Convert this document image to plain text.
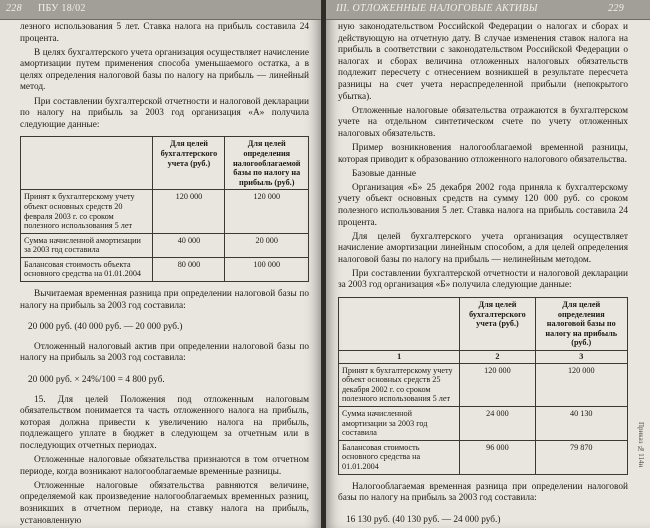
228 ПБУ 18/02

лезного использования 5 лет. Ставка налога на прибыль составила 24 процента.

В целях бухгалтерского учета организация осуществляет начисление амортизации путем применения способа уменьшаемого остатка, а в целях определения налоговой базы по налогу на прибыль — линейный метод.

При составлении бухгалтерской отчетности и налоговой декларации по налогу на прибыль за 2003 год организация «А» получила следующие данные:

	Для целей бухгалтерского учета (руб.)	Для целей определения налогооблагаемой базы по налогу на прибыль (руб.)
Принят к бухгалтерскому учету объект основных средств 20 февраля 2003 г. со сроком полезного использования 5 лет	120 000	120 000
Сумма начисленной амортизации за 2003 год составила	40 000	20 000
Балансовая стоимость объекта основного средства на 01.01.2004	80 000	100 000

Вычитаемая временная разница при определении налоговой базы по налогу на прибыль за 2003 год составила:

20 000 руб. (40 000 руб. — 20 000 руб.)

Отложенный налоговый актив при определении налоговой базы по налогу на прибыль за 2003 год составила:

20 000 руб. × 24%/100 = 4 800 руб.

15. Для целей Положения под отложенным налоговым обязательством понимается та часть отложенного налога на прибыль, которая должна привести к увеличению налога на прибыль, подлежащего уплате в бюджет в следующем за отчетным или в последующих отчетных периодах.

Отложенные налоговые обязательства признаются в том отчетном периоде, когда возникают налогооблагаемые временные разницы.

Отложенные налоговые обязательства равняются величине, определяемой как произведение налогооблагаемых временных разниц, возникших в отчетном периоде, на ставку налога на прибыль, установленную

III. ОТЛОЖЕННЫЕ НАЛОГОВЫЕ АКТИВЫ	229

ную законодательством Российской Федерации о налогах и сборах и действующую на отчетную дату. В случае изменения ставок налога на прибыль в соответствии с законодательством Российской Федерации о налогах и сборах величина отложенных налоговых обязательств подлежит пересчету с отнесением возникшей в результате пересчета разницы на счет учета нераспределенной прибыли (непокрытого убытка).

Отложенные налоговые обязательства отражаются в бухгалтерском учете на отдельном синтетическом счете по учету отложенных налоговых обязательств.

Пример возникновения налогооблагаемой временной разницы, которая приводит к образованию отложенного налогового обязательства.

Базовые данные

Организация «Б» 25 декабря 2002 года приняла к бухгалтерскому учету объект основных средств на сумму 120 000 руб. со сроком полезного использования 5 лет. Ставка налога на прибыль составила 24 процента.

Для целей бухгалтерского учета организация осуществляет начисление амортизации линейным способом, а для целей определения налоговой базы по налогу на прибыль — нелинейным методом.

При составлении бухгалтерской отчетности и налоговой декларации за 2003 год организация «Б» получила следующие данные:

	Для целей бухгалтерского учета (руб.)	Для целей определения налоговой базы по налогу на прибыль (руб.)
1	2	3
Принят к бухгалтерскому учету объект основных средств 25 декабря 2002 г. со сроком полезного использования 5 лет	120 000	120 000
Сумма начисленной амортизации за 2003 год составила	24 000	40 130
Балансовая стоимость основного средства на 01.01.2004	96 000	79 870

Налогооблагаемая временная разница при определении налоговой базы по налогу на прибыль за 2003 год составила:

16 130 руб. (40 130 руб. — 24 000 руб.)

Приказ №114н
